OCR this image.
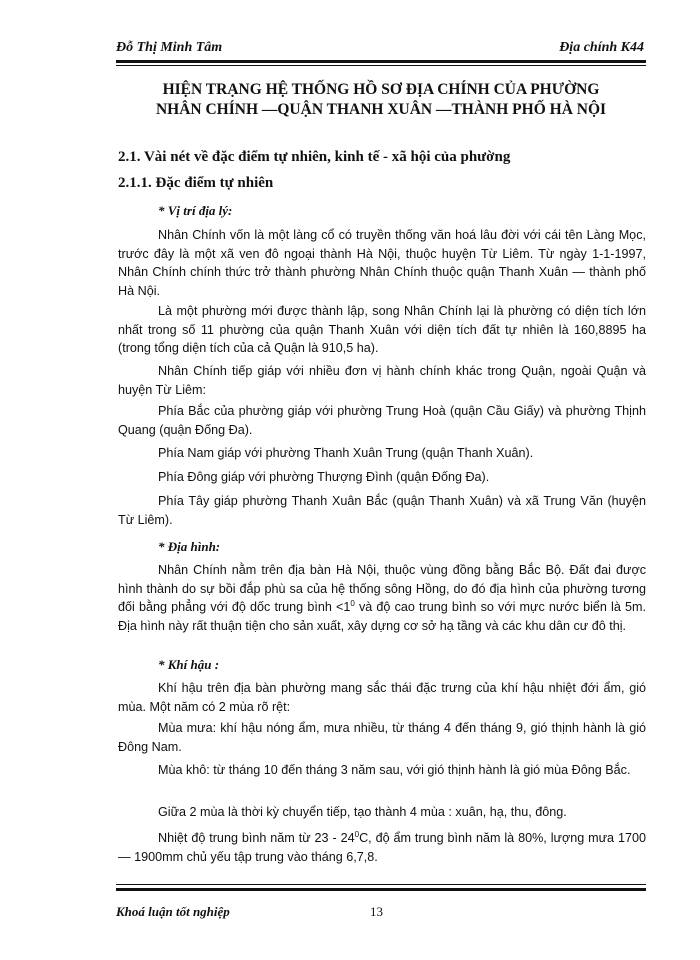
Đỗ Thị Minh Tâm	Địa chính K44
HIỆN TRẠNG HỆ THỐNG HỒ SƠ ĐỊA CHÍNH CỦA PHƯỜNG
NHÂN CHÍNH —QUẬN THANH XUÂN —THÀNH PHỐ HÀ NỘI
2.1. Vài nét về đặc điểm tự nhiên, kinh tế - xã hội của phường
2.1.1. Đặc điểm tự nhiên
* Vị trí địa lý:

Nhân Chính vốn là một làng cổ có truyền thống văn hoá lâu đời với cái tên Làng Mọc, trước đây là một xã ven đô ngoại thành Hà Nội, thuộc huyện Từ Liêm. Từ ngày 1-1-1997, Nhân Chính chính thức trở thành phường Nhân Chính thuộc quận Thanh Xuân — thành phố Hà Nội.

Là một phường mới được thành lập, song Nhân Chính lại là phường có diện tích lớn nhất trong số 11 phường của quận Thanh Xuân với diện tích đất tự nhiên là 160,8895 ha (trong tổng diện tích của cả Quận là 910,5 ha).

Nhân Chính tiếp giáp với nhiều đơn vị hành chính khác trong Quận, ngoài Quận và huyện Từ Liêm:

Phía Bắc của phường giáp với phường Trung Hoà (quận Cầu Giấy) và phường Thịnh Quang (quận Đống Đa).

Phía Nam giáp với phường Thanh Xuân Trung (quận Thanh Xuân).

Phía Đông giáp với phường Thượng Đình (quận Đống Đa).

Phía Tây giáp phường Thanh Xuân Bắc (quận Thanh Xuân) và xã Trung Văn (huyện Từ Liêm).

* Địa hình:

Nhân Chính nằm trên địa bàn Hà Nội, thuộc vùng đồng bằng Bắc Bộ. Đất đai được hình thành do sự bồi đắp phù sa của hệ thống sông Hồng, do đó địa hình của phường tương đối bằng phẳng với độ dốc trung bình $<1^0$ và độ cao trung bình so với mực nước biển là 5m. Địa hình này rất thuận tiện cho sản xuất, xây dựng cơ sở hạ tầng và các khu dân cư đô thị.

* Khí hậu :

Khí hậu trên địa bàn phường mang sắc thái đặc trưng của khí hậu nhiệt đới ẩm, gió mùa. Một năm có 2 mùa rõ rệt:

Mùa mưa: khí hậu nóng ẩm, mưa nhiều, từ tháng 4 đến tháng 9, gió thịnh hành là gió Đông Nam.

Mùa khô: từ tháng 10 đến tháng 3 năm sau, với gió thịnh hành là gió mùa Đông Bắc.

Giữa 2 mùa là thời kỳ chuyển tiếp, tạo thành 4 mùa : xuân, hạ, thu, đông.

Nhiệt độ trung bình năm từ $23 - 24^0C$, độ ẩm trung bình năm là 80%, lượng mưa 1700 — 1900mm chủ yếu tập trung vào tháng 6,7,8.

Khoá luận tốt nghiệp	13
